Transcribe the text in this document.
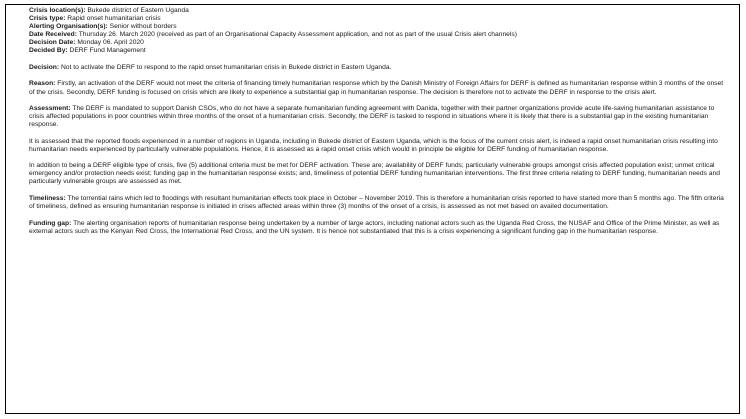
Crisis location(s): Bukede district of Eastern Uganda
Crisis type: Rapid onset humanitarian crisis
Alerting Organisation(s): Senior without borders
Date Received: Thursday 26. March 2020 (received as part of an Organisational Capacity Assessment application, and not as part of the usual Crisis alert channels)
Decision Date: Monday 06. April 2020
Decided By: DERF Fund Management
Decision: Not to activate the DERF to respond to the rapid onset humanitarian crisis in Bukede district in Eastern Uganda.
Reason: Firstly, an activation of the DERF would not meet the criteria of financing timely humanitarian response which by the Danish Ministry of Foreign Affairs for DERF is defined as humanitarian response within 3 months of the onset of the crisis. Secondly, DERF funding is focused on crisis which are likely to experience a substantial gap in humanitarian response. The decision is therefore not to activate the DERF in response to the crisis alert.
Assessment: The DERF is mandated to support Danish CSOs, who do not have a separate humanitarian funding agreement with Danida, together with their partner organizations provide acute life-saving humanitarian assistance to crisis affected populations in poor countries within three months of the onset of a humanitarian crisis. Secondly, the DERF is tasked to respond in situations where it is likely that there is a substantial gap in the existing humanitarian response.
It is assessed that the reported floods experienced in a number of regions in Uganda, including in Bukede district of Eastern Uganda, which is the focus of the current crisis alert, is indeed a rapid onset humanitarian crisis resulting into humanitarian needs experienced by particularly vulnerable populations. Hence, it is assessed as a rapid onset crisis which would in principle be eligible for DERF funding of humanitarian response.
In addition to being a DERF eligible type of crisis, five (5) additional criteria must be met for DERF activation. These are; availability of DERF funds; particularly vulnerable groups amongst crisis affected population exist; unmet critical emergency and/or protection needs exist; funding gap in the humanitarian response exists; and, timeliness of potential DERF funding humanitarian interventions. The first three criteria relating to DERF funding, humanitarian needs and particularly vulnerable groups are assessed as met.
Timeliness: The torrential rains which led to floodings with resultant humanitarian effects took place in October – November 2019. This is therefore a humanitarian crisis reported to have started more than 5 months ago. The fifth criteria of timeliness, defined as ensuring humanitarian response is initiated in crises affected areas within three (3) months of the onset of a crisis, is assessed as not met based on availed documentation.
Funding gap: The alerting organisation reports of humanitarian response being undertaken by a number of large actors, including national actors such as the Uganda Red Cross, the NUSAF and Office of the Prime Minister, as well as external actors such as the Kenyan Red Cross, the International Red Cross, and the UN system. It is hence not substantiated that this is a crisis experiencing a significant funding gap in the humanitarian response.
